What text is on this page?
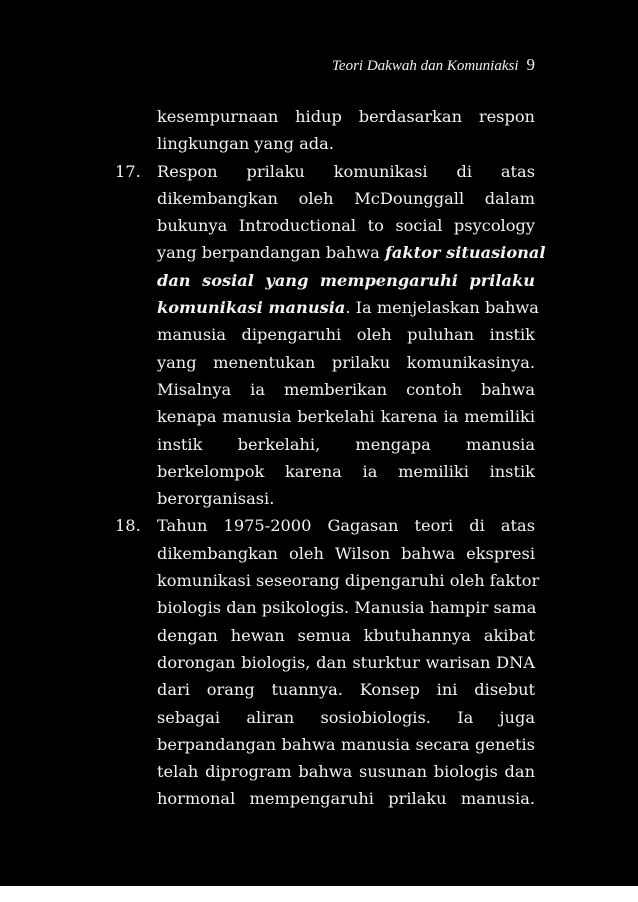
Teori Dakwah dan Komuniaksi 9
kesempurnaan hidup berdasarkan respon
lingkungan yang ada.
17.	Respon prilaku komunikasi di atas
dikembangkan oleh McDounggall dalam
bukunya Introductional to social psycology
yang berpandangan bahwa faktor situasional
dan sosial yang mempengaruhi prilaku
komunikasi manusia. Ia menjelaskan bahwa
manusia dipengaruhi oleh puluhan instik
yang menentukan prilaku komunikasinya.
Misalnya ia memberikan contoh bahwa
kenapa manusia berkelahi karena ia memiliki
instik berkelahi, mengapa manusia
berkelompok karena ia memiliki instik
berorganisasi.
18.	Tahun 1975-2000 Gagasan teori di atas
dikembangkan oleh Wilson bahwa ekspresi
komunikasi seseorang dipengaruhi oleh faktor
biologis dan psikologis. Manusia hampir sama
dengan hewan semua kbutuhannya akibat
dorongan biologis, dan sturktur warisan DNA
dari orang tuannya. Konsep ini disebut
sebagai aliran sosiobiologis. Ia juga
berpandangan bahwa manusia secara genetis
telah diprogram bahwa susunan biologis dan
hormonal mempengaruhi prilaku manusia.
